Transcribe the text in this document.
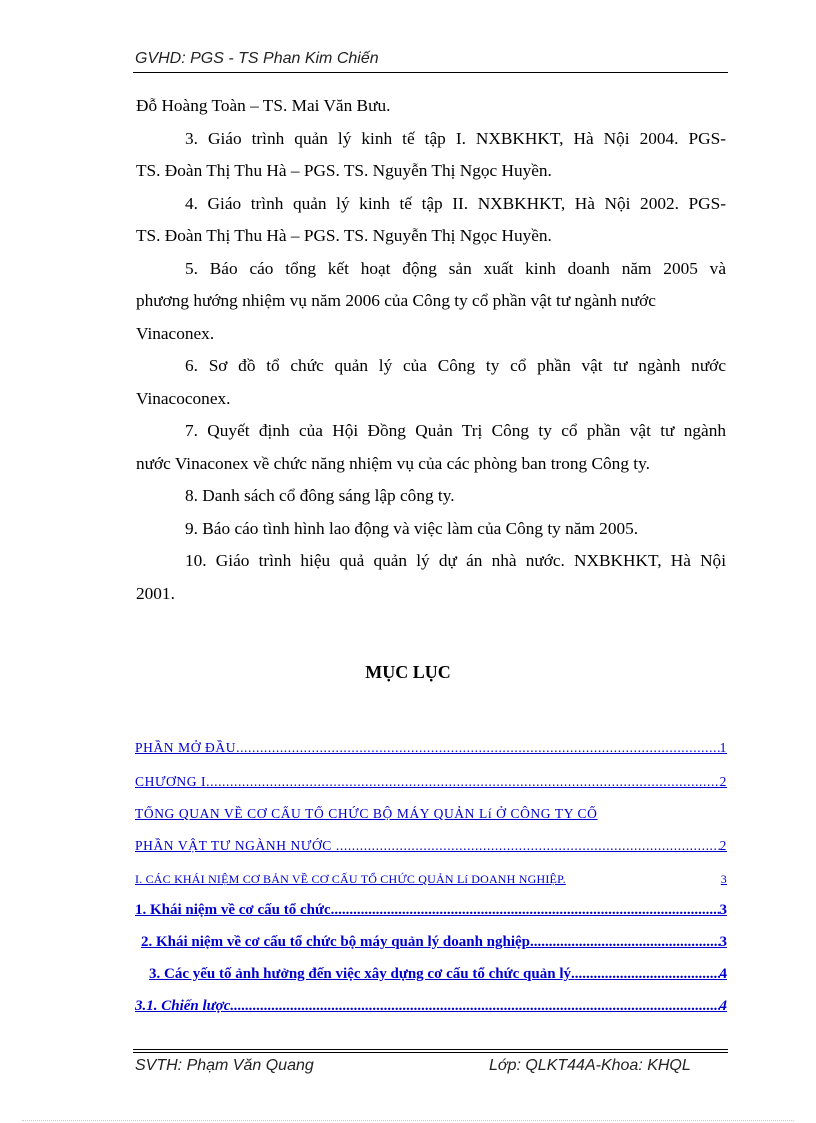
GVHD: PGS - TS Phan Kim Chiến
Đỗ Hoàng Toàn – TS. Mai Văn Bưu.
3. Giáo trình quản lý kinh tế tập I. NXBKHKT, Hà Nội 2004. PGS-
TS. Đoàn Thị Thu Hà – PGS. TS. Nguyễn Thị Ngọc Huyền.
4. Giáo trình quản lý kinh tế tập II. NXBKHKT, Hà Nội 2002. PGS-
TS. Đoàn Thị Thu Hà – PGS. TS. Nguyễn Thị Ngọc Huyền.
5. Báo cáo tổng kết hoạt động sản xuất kinh doanh năm 2005 và
phương hướng nhiệm vụ năm 2006 của Công ty cổ phần vật tư ngành nước
Vinaconex.
6. Sơ đồ tổ chức quản lý của Công ty cổ phần vật tư ngành nước
Vinacoconex.
7. Quyết định của Hội Đồng Quản Trị Công ty cổ phần vật tư ngành
nước Vinaconex về chức năng nhiệm vụ của các phòng ban trong Công ty.
8. Danh sách cổ đông sáng lập công ty.
9. Báo cáo tình hình lao động và việc làm của Công ty năm 2005.
10. Giáo trình hiệu quả quản lý dự án nhà nước. NXBKHKT, Hà Nội
2001.
MỤC LỤC
PHẦN MỞ ĐẦU .....	1
CHƯƠNG I .....	2
TỔNG QUAN VỀ CƠ CẤU TỔ CHỨC BỘ MÁY QUẢN Lí Ở CÔNG TY CỔ
PHẦN VẬT TƯ NGÀNH NƯỚC . .....	2
I. CÁC KHÁI NIỆM CƠ BẢN VỀ CƠ CẤU TỔ CHỨC QUẢN Lí DOANH NGHIỆP.	3
1. Khái niệm về cơ cấu tổ chức. .....	3
2. Khái niệm về cơ cấu tổ chức bộ máy quản lý doanh nghiệp .....	3
3. Các yếu tố ảnh hưởng đến việc xây dựng cơ cấu tổ chức quản lý. .....	4
3.1. Chiến lược. .....	4
SVTH: Phạm Văn Quang	Lớp: QLKT44A-Khoa: KHQL
